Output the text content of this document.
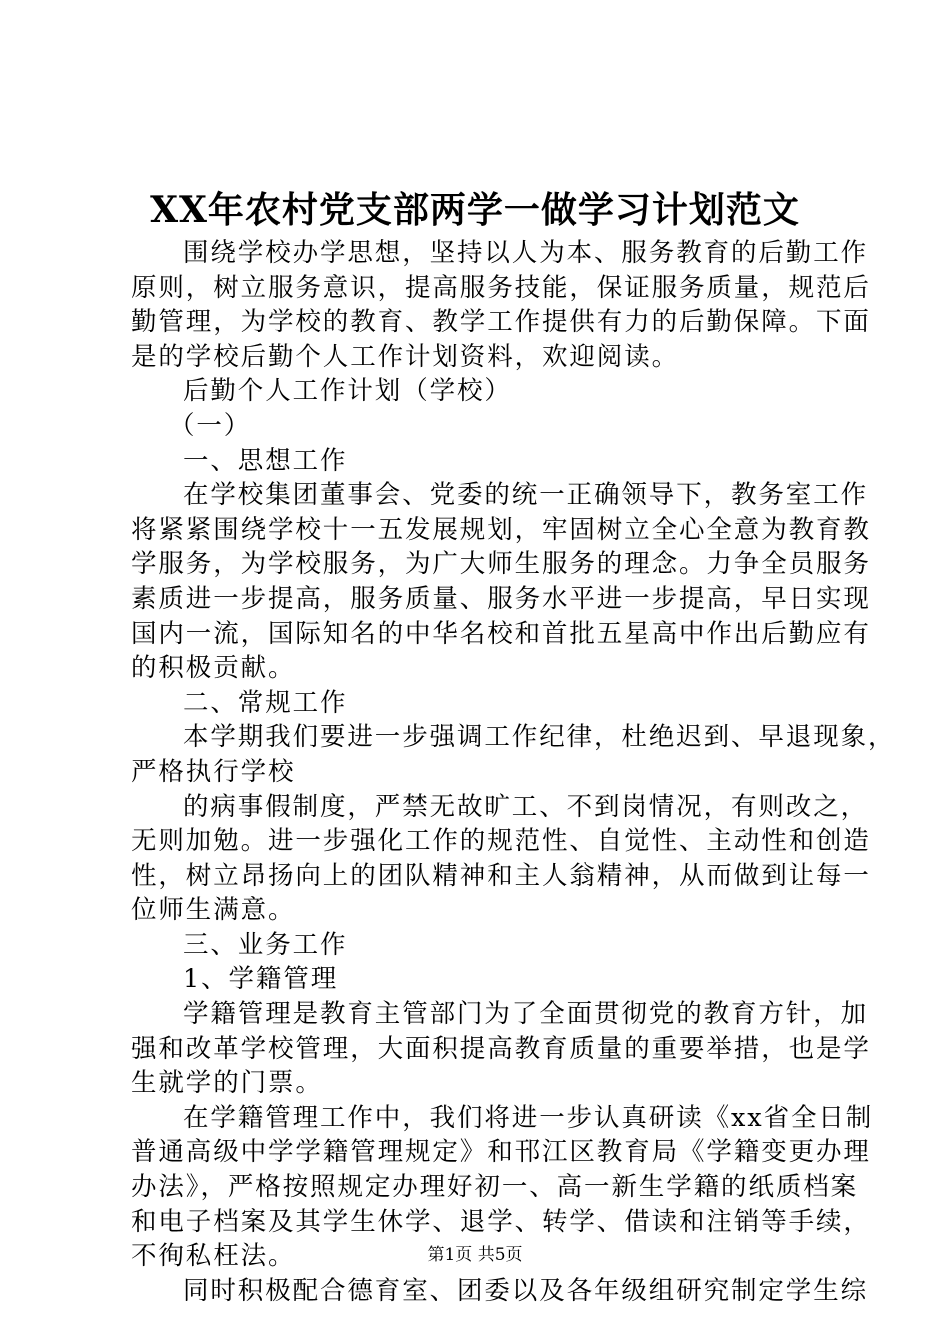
XX年农村党支部两学一做学习计划范文

围绕学校办学思想，坚持以人为本、服务教育的后勤工作

原则，树立服务意识，提高服务技能，保证服务质量，规范后

勤管理，为学校的教育、教学工作提供有力的后勤保障。下面

是的学校后勤个人工作计划资料，欢迎阅读。

后勤个人工作计划（学校）

（一）

一、思想工作

在学校集团董事会、党委的统一正确领导下，教务室工作

将紧紧围绕学校十一五发展规划，牢固树立全心全意为教育教

学服务，为学校服务，为广大师生服务的理念。力争全员服务

素质进一步提高，服务质量、服务水平进一步提高，早日实现

国内一流，国际知名的中华名校和首批五星高中作出后勤应有

的积极贡献。

二、常规工作

本学期我们要进一步强调工作纪律，杜绝迟到、早退现象，

严格执行学校

的病事假制度，严禁无故旷工、不到岗情况，有则改之，

无则加勉。进一步强化工作的规范性、自觉性、主动性和创造

性，树立昂扬向上的团队精神和主人翁精神，从而做到让每一

位师生满意。

三、业务工作

1、学籍管理

学籍管理是教育主管部门为了全面贯彻党的教育方针，加

强和改革学校管理，大面积提高教育质量的重要举措，也是学

生就学的门票。

在学籍管理工作中，我们将进一步认真研读《xx省全日制

普通高级中学学籍管理规定》和邗江区教育局《学籍变更办理

办法》，严格按照规定办理好初一、高一新生学籍的纸质档案

和电子档案及其学生休学、退学、转学、借读和注销等手续，

不徇私枉法。

同时积极配合德育室、团委以及各年级组研究制定学生综

第1页 共5页
